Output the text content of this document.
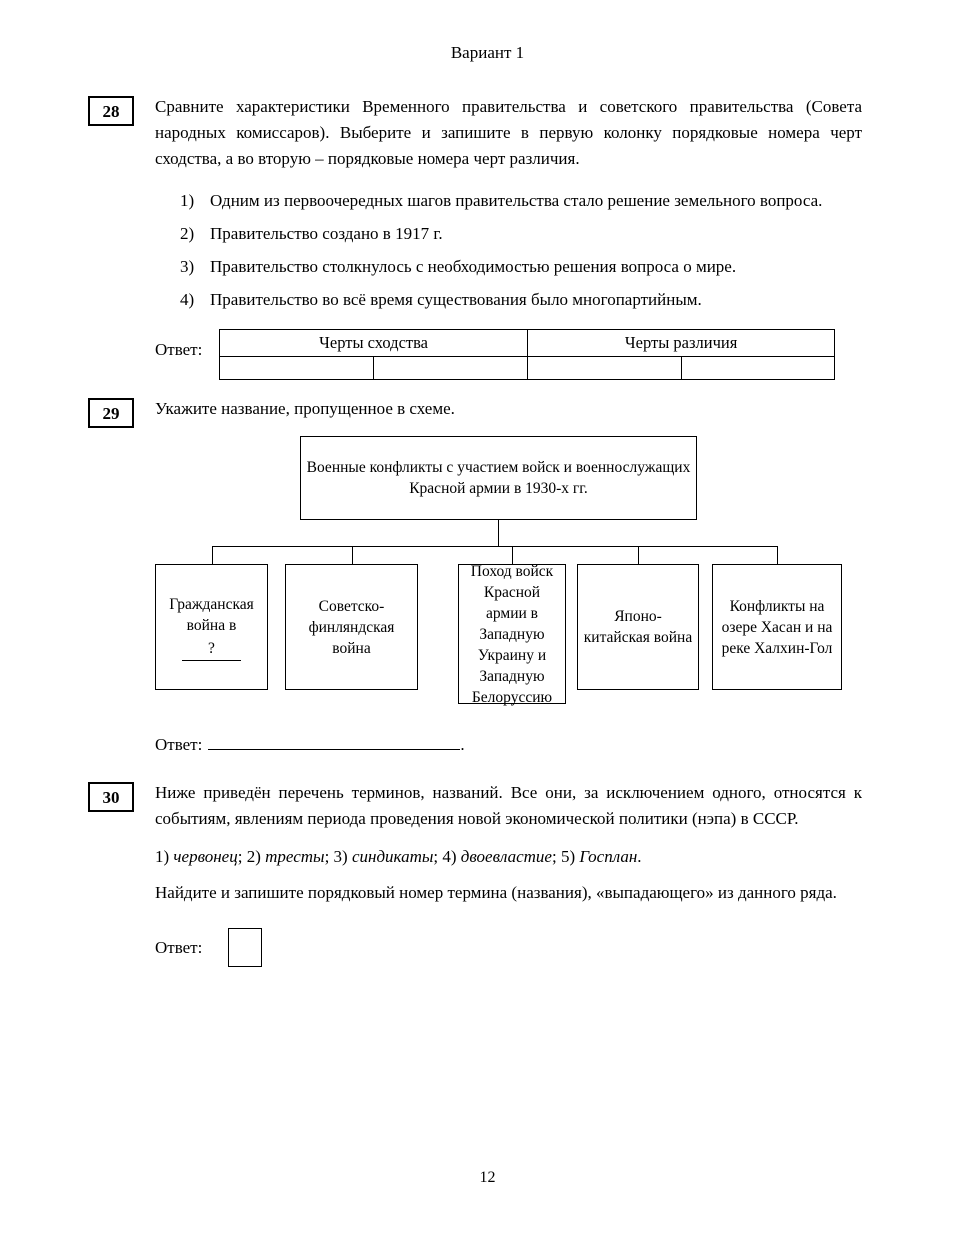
Вариант 1
28	Сравните характеристики Временного правительства и советского правительства (Совета народных комиссаров). Выберите и запишите в первую колонку порядковые номера черт сходства, а во вторую – порядковые номера черт различия.

1) Одним из первоочередных шагов правительства стало решение земельного вопроса.
2) Правительство создано в 1917 г.
3) Правительство столкнулось с необходимостью решения вопроса о мире.
4) Правительство во всё время существования было многопартийным.
Ответ:	Черты сходства		Черты различия	

29	Укажите название, пропущенное в схеме.

Военные конфликты с участием войск и военнослужащих Красной армии в 1930-х гг.
Гражданская война в
?
Советско-финляндская война
Поход войск Красной армии в Западную Украину и Западную Белоруссию
Японо-китайская война
Конфликты на озере Хасан и на реке Халхин-Гол
Ответ:	.
30	Ниже приведён перечень терминов, названий. Все они, за исключением одного, относятся к событиям, явлениям периода проведения новой экономической политики (нэпа) в СССР.

1) червонец; 2) тресты; 3) синдикаты; 4) двоевластие; 5) Госплан.

Найдите и запишите порядковый номер термина (названия), «выпадающего» из данного ряда.

Ответ:
12
